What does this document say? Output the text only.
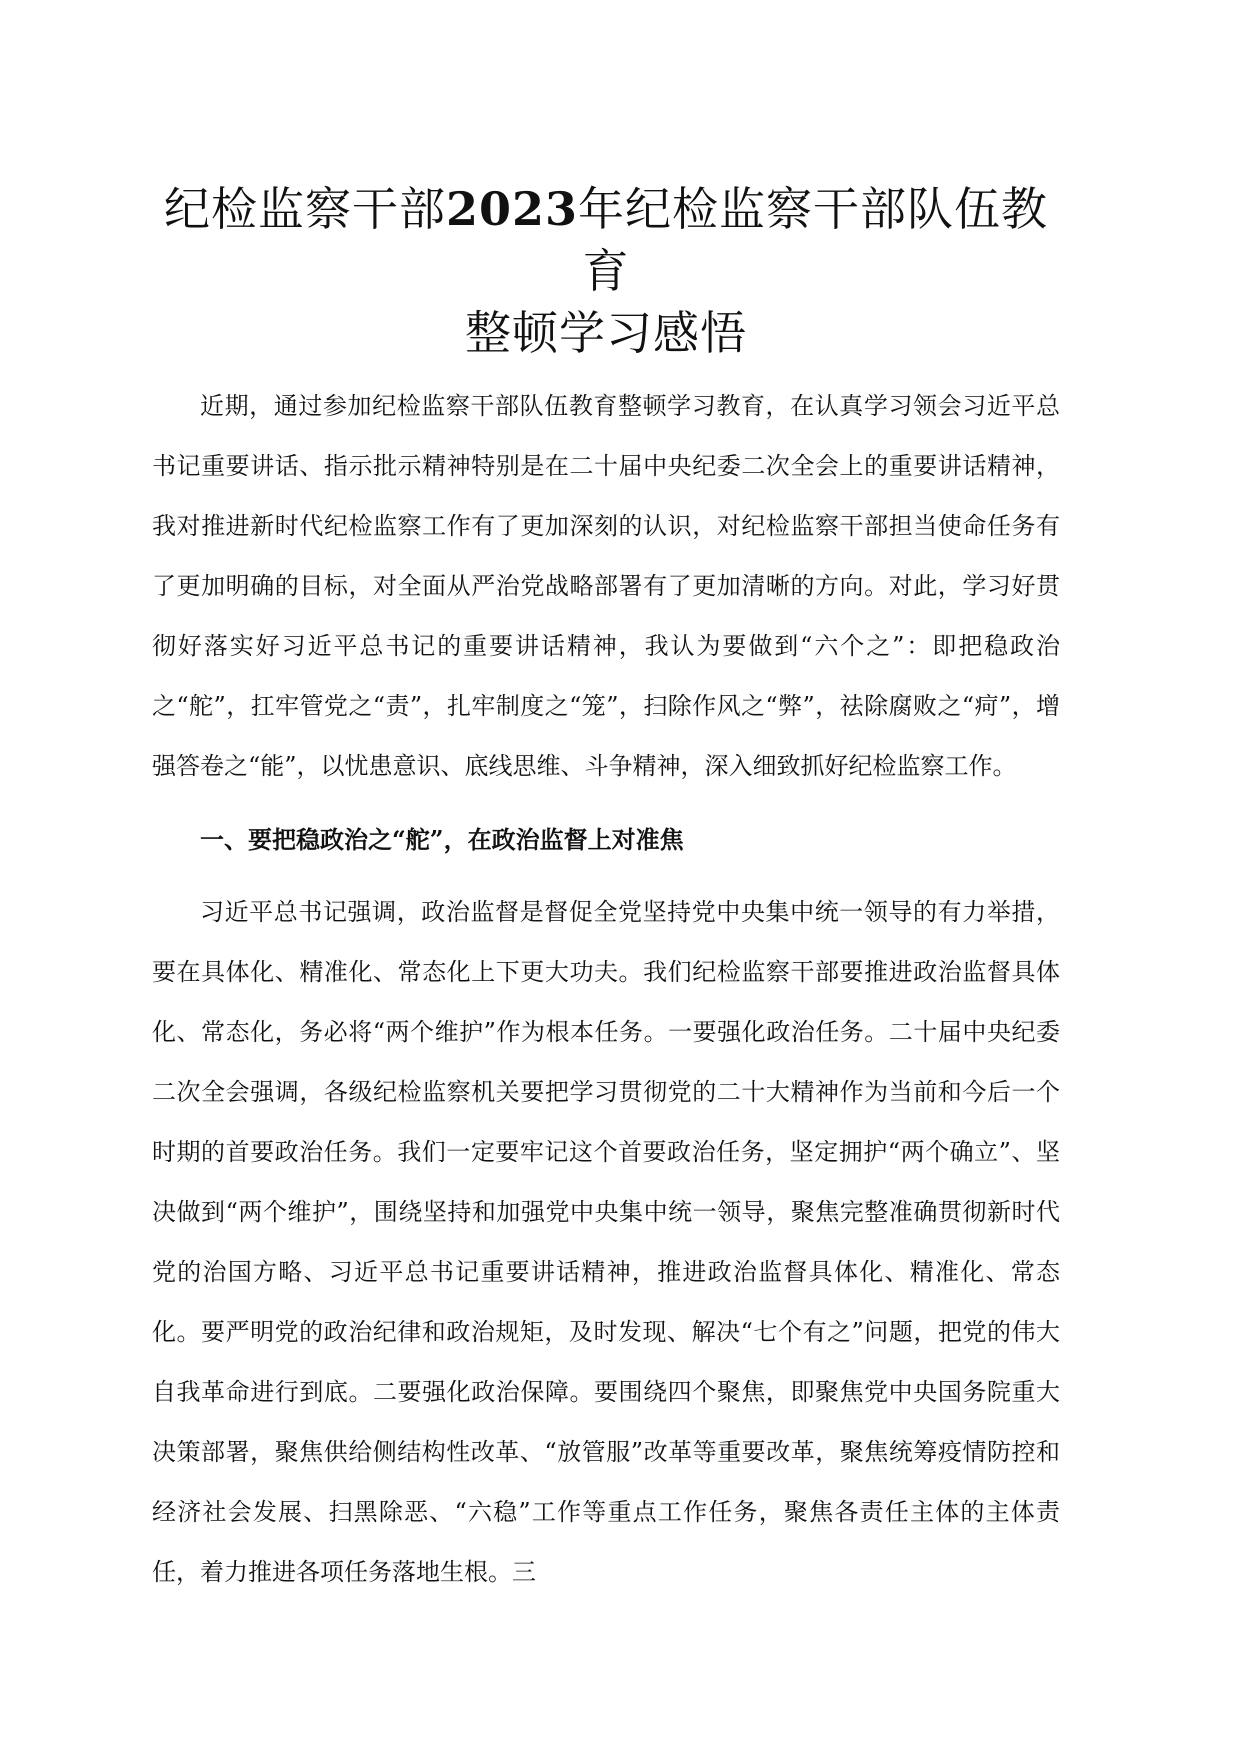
纪检监察干部2023年纪检监察干部队伍教育
整顿学习感悟

近期，通过参加纪检监察干部队伍教育整顿学习教育，在认真学习领会习近平总书记重要讲话、指示批示精神特别是在二十届中央纪委二次全会上的重要讲话精神，我对推进新时代纪检监察工作有了更加深刻的认识，对纪检监察干部担当使命任务有了更加明确的目标，对全面从严治党战略部署有了更加清晰的方向。对此，学习好贯彻好落实好习近平总书记的重要讲话精神，我认为要做到“六个之”：即把稳政治之“舵”，扛牢管党之“责”，扎牢制度之“笼”，扫除作风之“弊”，祛除腐败之“疴”，增强答卷之“能”，以忧患意识、底线思维、斗争精神，深入细致抓好纪检监察工作。

一、要把稳政治之“舵”，在政治监督上对准焦

习近平总书记强调，政治监督是督促全党坚持党中央集中统一领导的有力举措，要在具体化、精准化、常态化上下更大功夫。我们纪检监察干部要推进政治监督具体化、常态化，务必将“两个维护”作为根本任务。一要强化政治任务。二十届中央纪委二次全会强调，各级纪检监察机关要把学习贯彻党的二十大精神作为当前和今后一个时期的首要政治任务。我们一定要牢记这个首要政治任务，坚定拥护“两个确立”、坚决做到“两个维护”，围绕坚持和加强党中央集中统一领导，聚焦完整准确贯彻新时代党的治国方略、习近平总书记重要讲话精神，推进政治监督具体化、精准化、常态化。要严明党的政治纪律和政治规矩，及时发现、解决“七个有之”问题，把党的伟大自我革命进行到底。二要强化政治保障。要围绕四个聚焦，即聚焦党中央国务院重大决策部署，聚焦供给侧结构性改革、“放管服”改革等重要改革，聚焦统筹疫情防控和经济社会发展、扫黑除恶、“六稳”工作等重点工作任务，聚焦各责任主体的主体责任，着力推进各项任务落地生根。三
